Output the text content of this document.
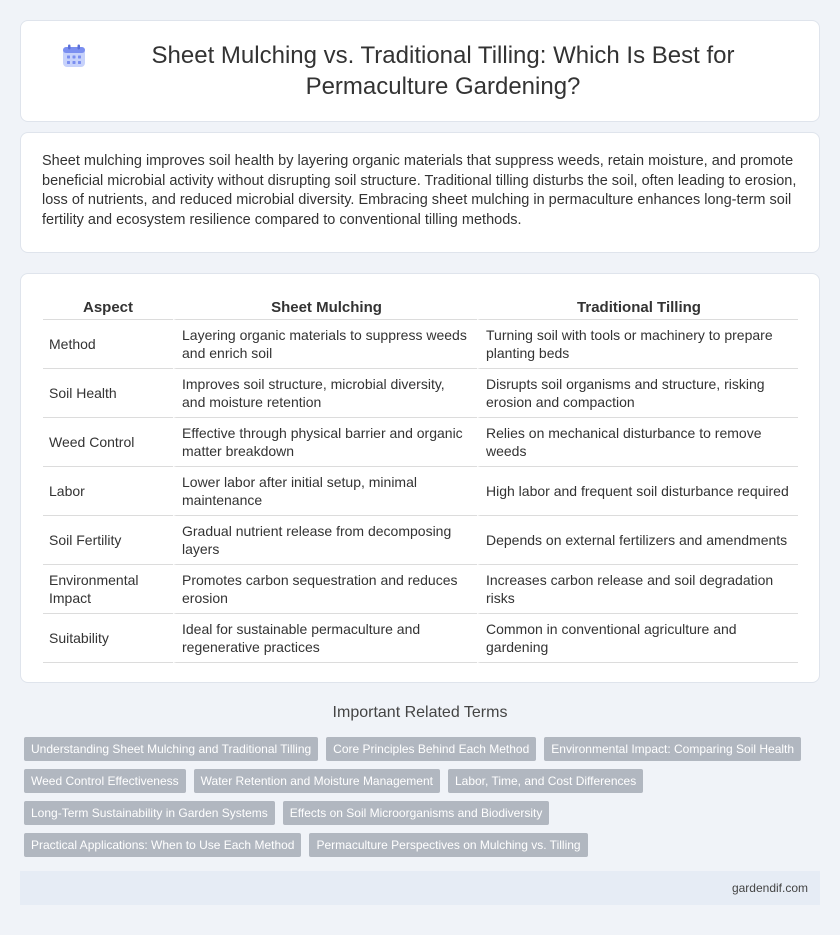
Sheet Mulching vs. Traditional Tilling: Which Is Best for Permaculture Gardening?

Sheet mulching improves soil health by layering organic materials that suppress weeds, retain moisture, and promote beneficial microbial activity without disrupting soil structure. Traditional tilling disturbs the soil, often leading to erosion, loss of nutrients, and reduced microbial diversity. Embracing sheet mulching in permaculture enhances long-term soil fertility and ecosystem resilience compared to conventional tilling methods.

Aspect	Sheet Mulching	Traditional Tilling
Method	Layering organic materials to suppress weeds and enrich soil	Turning soil with tools or machinery to prepare planting beds
Soil Health	Improves soil structure, microbial diversity, and moisture retention	Disrupts soil organisms and structure, risking erosion and compaction
Weed Control	Effective through physical barrier and organic matter breakdown	Relies on mechanical disturbance to remove weeds
Labor	Lower labor after initial setup, minimal maintenance	High labor and frequent soil disturbance required
Soil Fertility	Gradual nutrient release from decomposing layers	Depends on external fertilizers and amendments
Environmental Impact	Promotes carbon sequestration and reduces erosion	Increases carbon release and soil degradation risks
Suitability	Ideal for sustainable permaculture and regenerative practices	Common in conventional agriculture and gardening
Important Related Terms
Understanding Sheet Mulching and Traditional Tilling	Core Principles Behind Each Method	Environmental Impact: Comparing Soil Health
Weed Control Effectiveness	Water Retention and Moisture Management	Labor, Time, and Cost Differences
Long-Term Sustainability in Garden Systems	Effects on Soil Microorganisms and Biodiversity
Practical Applications: When to Use Each Method	Permaculture Perspectives on Mulching vs. Tilling
gardendif.com
